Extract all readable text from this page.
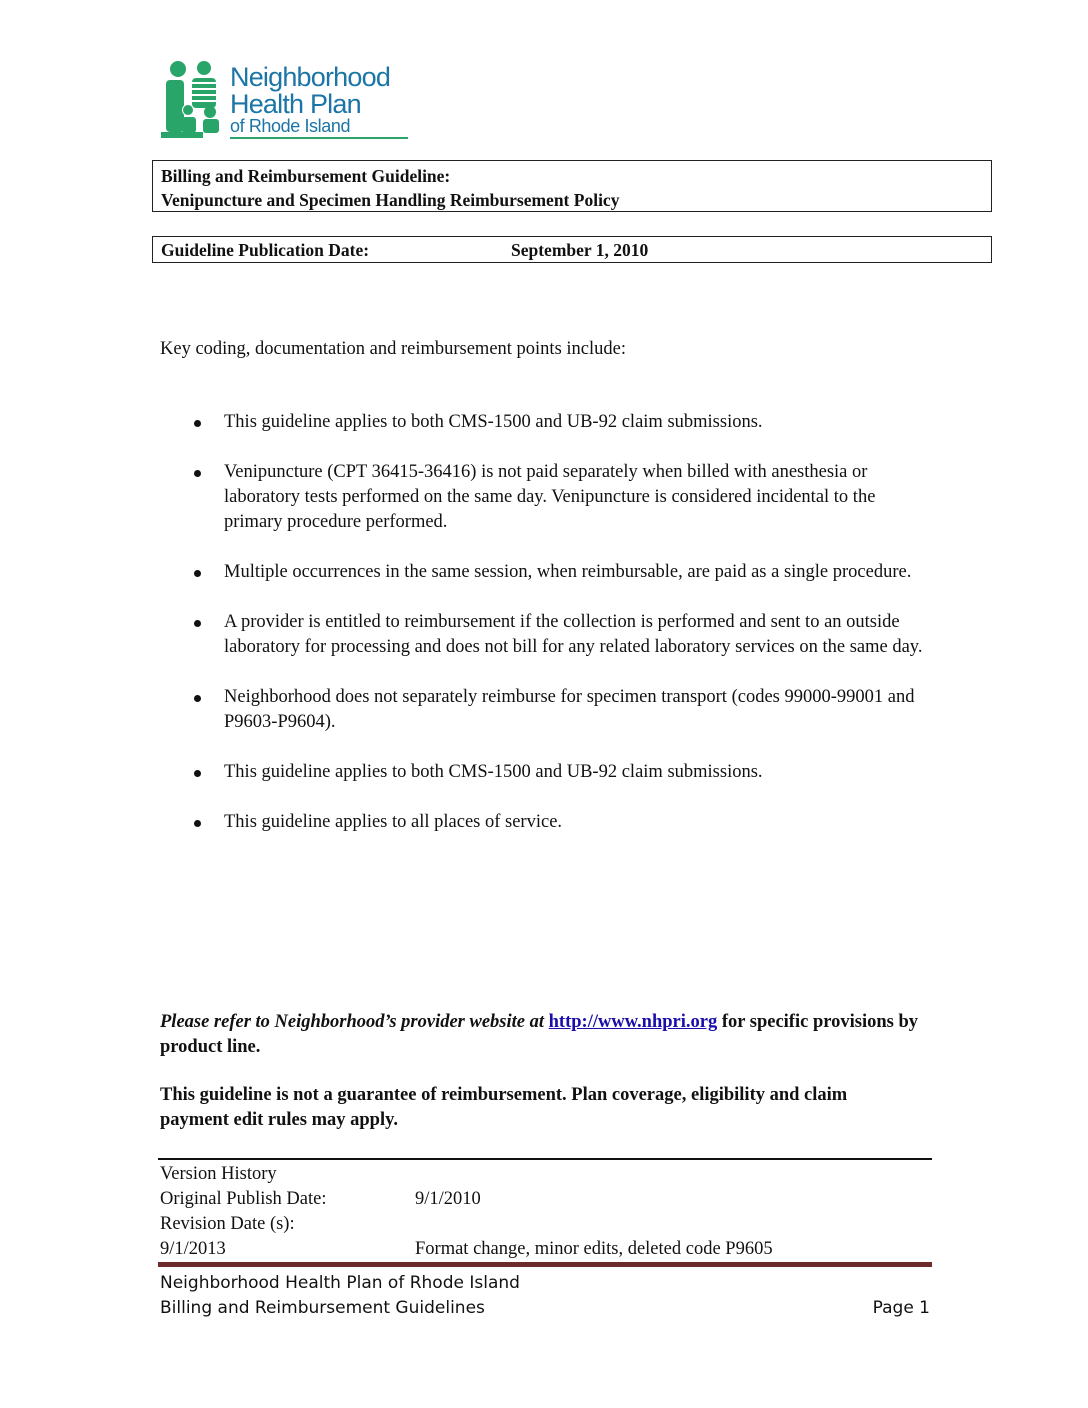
Neighborhood
Health Plan
of Rhode Island
Billing and Reimbursement Guideline:
Venipuncture and Specimen Handling Reimbursement Policy
Guideline Publication Date:	September 1, 2010
Key coding, documentation and reimbursement points include:
This guideline applies to both CMS-1500 and UB-92 claim submissions.
Venipuncture (CPT 36415-36416) is not paid separately when billed with anesthesia or laboratory tests performed on the same day. Venipuncture is considered incidental to the primary procedure performed.
Multiple occurrences in the same session, when reimbursable, are paid as a single procedure.
A provider is entitled to reimbursement if the collection is performed and sent to an outside laboratory for processing and does not bill for any related laboratory services on the same day.
Neighborhood does not separately reimburse for specimen transport (codes 99000-99001 and P9603-P9604).
This guideline applies to both CMS-1500 and UB-92 claim submissions.
This guideline applies to all places of service.
Please refer to Neighborhood’s provider website at http://www.nhpri.org for specific provisions by product line.
This guideline is not a guarantee of reimbursement. Plan coverage, eligibility and claim payment edit rules may apply.
Version History
Original Publish Date:	9/1/2010
Revision Date (s):
9/1/2013	Format change, minor edits, deleted code P9605
Neighborhood Health Plan of Rhode Island
Billing and Reimbursement Guidelines	Page 1
